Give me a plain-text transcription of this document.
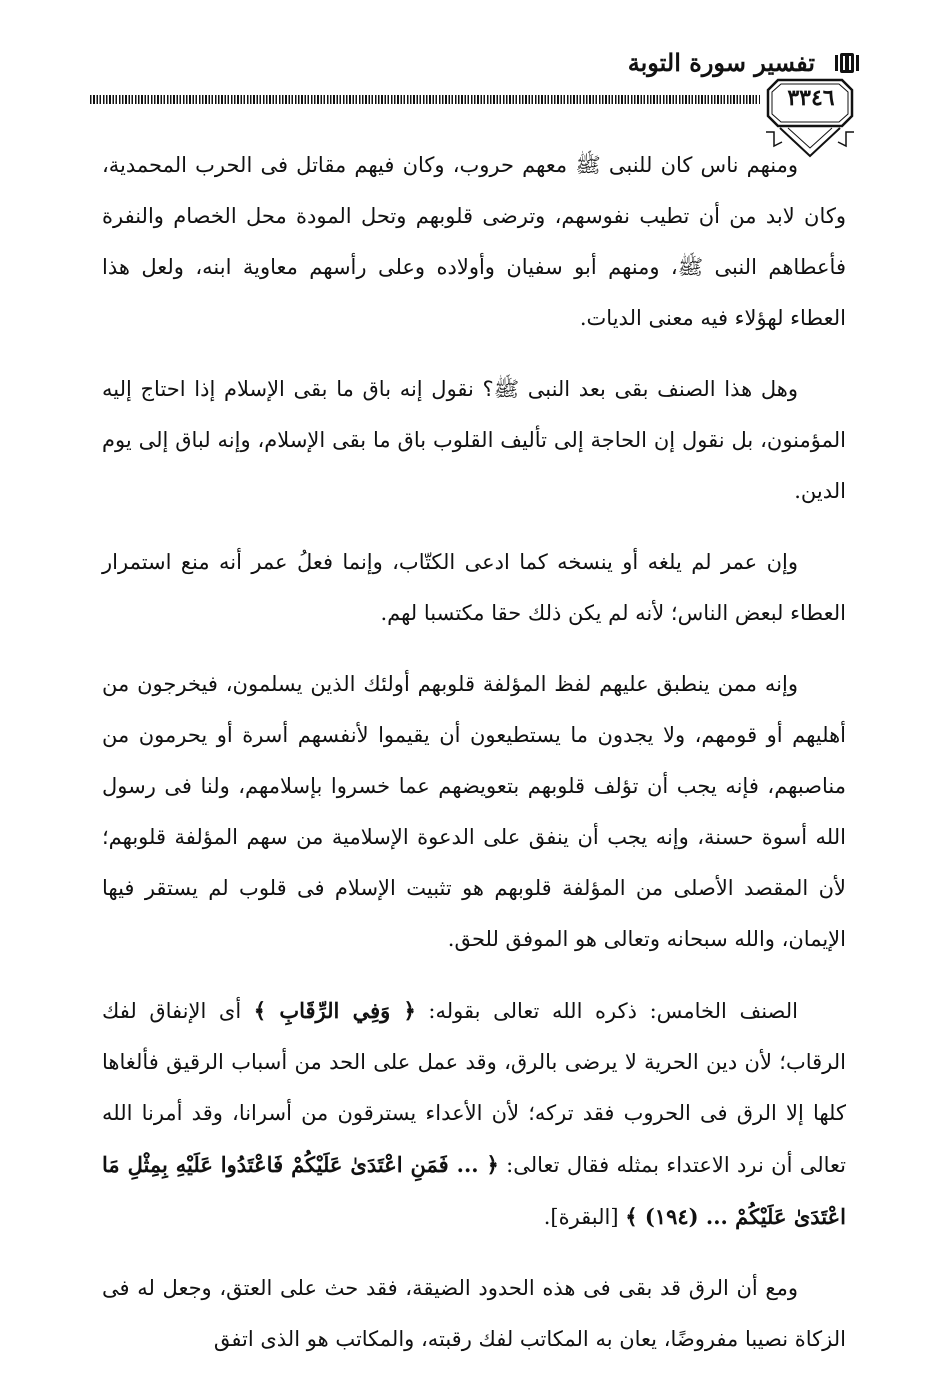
تفسير سورة التوبة
٣٣٤٦

ومنهم ناس كان للنبى ﷺ معهم حروب، وكان فيهم مقاتل فى الحرب المحمدية، وكان لابد من أن تطيب نفوسهم، وترضى قلوبهم وتحل المودة محل الخصام والنفرة فأعطاهم النبى ﷺ، ومنهم أبو سفيان وأولاده وعلى رأسهم معاوية ابنه، ولعل هذا العطاء لهؤلاء فيه معنى الديات.

وهل هذا الصنف بقى بعد النبى ﷺ؟ نقول إنه باق ما بقى الإسلام إذا احتاج إليه المؤمنون، بل نقول إن الحاجة إلى تأليف القلوب باق ما بقى الإسلام، وإنه لباق إلى يوم الدين.

وإن عمر لم يلغه أو ينسخه كما ادعى الكتّاب، وإنما فعلُ عمر أنه منع استمرار العطاء لبعض الناس؛ لأنه لم يكن ذلك حقا مكتسبا لهم.

وإنه ممن ينطبق عليهم لفظ المؤلفة قلوبهم أولئك الذين يسلمون، فيخرجون من أهليهم أو قومهم، ولا يجدون ما يستطيعون أن يقيموا لأنفسهم أسرة أو يحرمون من مناصبهم، فإنه يجب أن تؤلف قلوبهم بتعويضهم عما خسروا بإسلامهم، ولنا فى رسول الله أسوة حسنة، وإنه يجب أن ينفق على الدعوة الإسلامية من سهم المؤلفة قلوبهم؛ لأن المقصد الأصلى من المؤلفة قلوبهم هو تثبيت الإسلام فى قلوب لم يستقر فيها الإيمان، والله سبحانه وتعالى هو الموفق للحق.

الصنف الخامس: ذكره الله تعالى بقوله: ﴿ وَفِي الرِّقَابِ ﴾ أى الإنفاق لفك الرقاب؛ لأن دين الحرية لا يرضى بالرق، وقد عمل على الحد من أسباب الرقيق فألغاها كلها إلا الرق فى الحروب فقد تركه؛ لأن الأعداء يسترقون من أسرانا، وقد أمرنا الله تعالى أن نرد الاعتداء بمثله فقال تعالى: ﴿ ... فَمَنِ اعْتَدَىٰ عَلَيْكُمْ فَاعْتَدُوا عَلَيْهِ بِمِثْلِ مَا اعْتَدَىٰ عَلَيْكُمْ ... (١٩٤) ﴾ [البقرة].

ومع أن الرق قد بقى فى هذه الحدود الضيقة، فقد حث على العتق، وجعل له فى الزكاة نصيبا مفروضًا، يعان به المكاتب لفك رقبته، والمكاتب هو الذى اتفق
